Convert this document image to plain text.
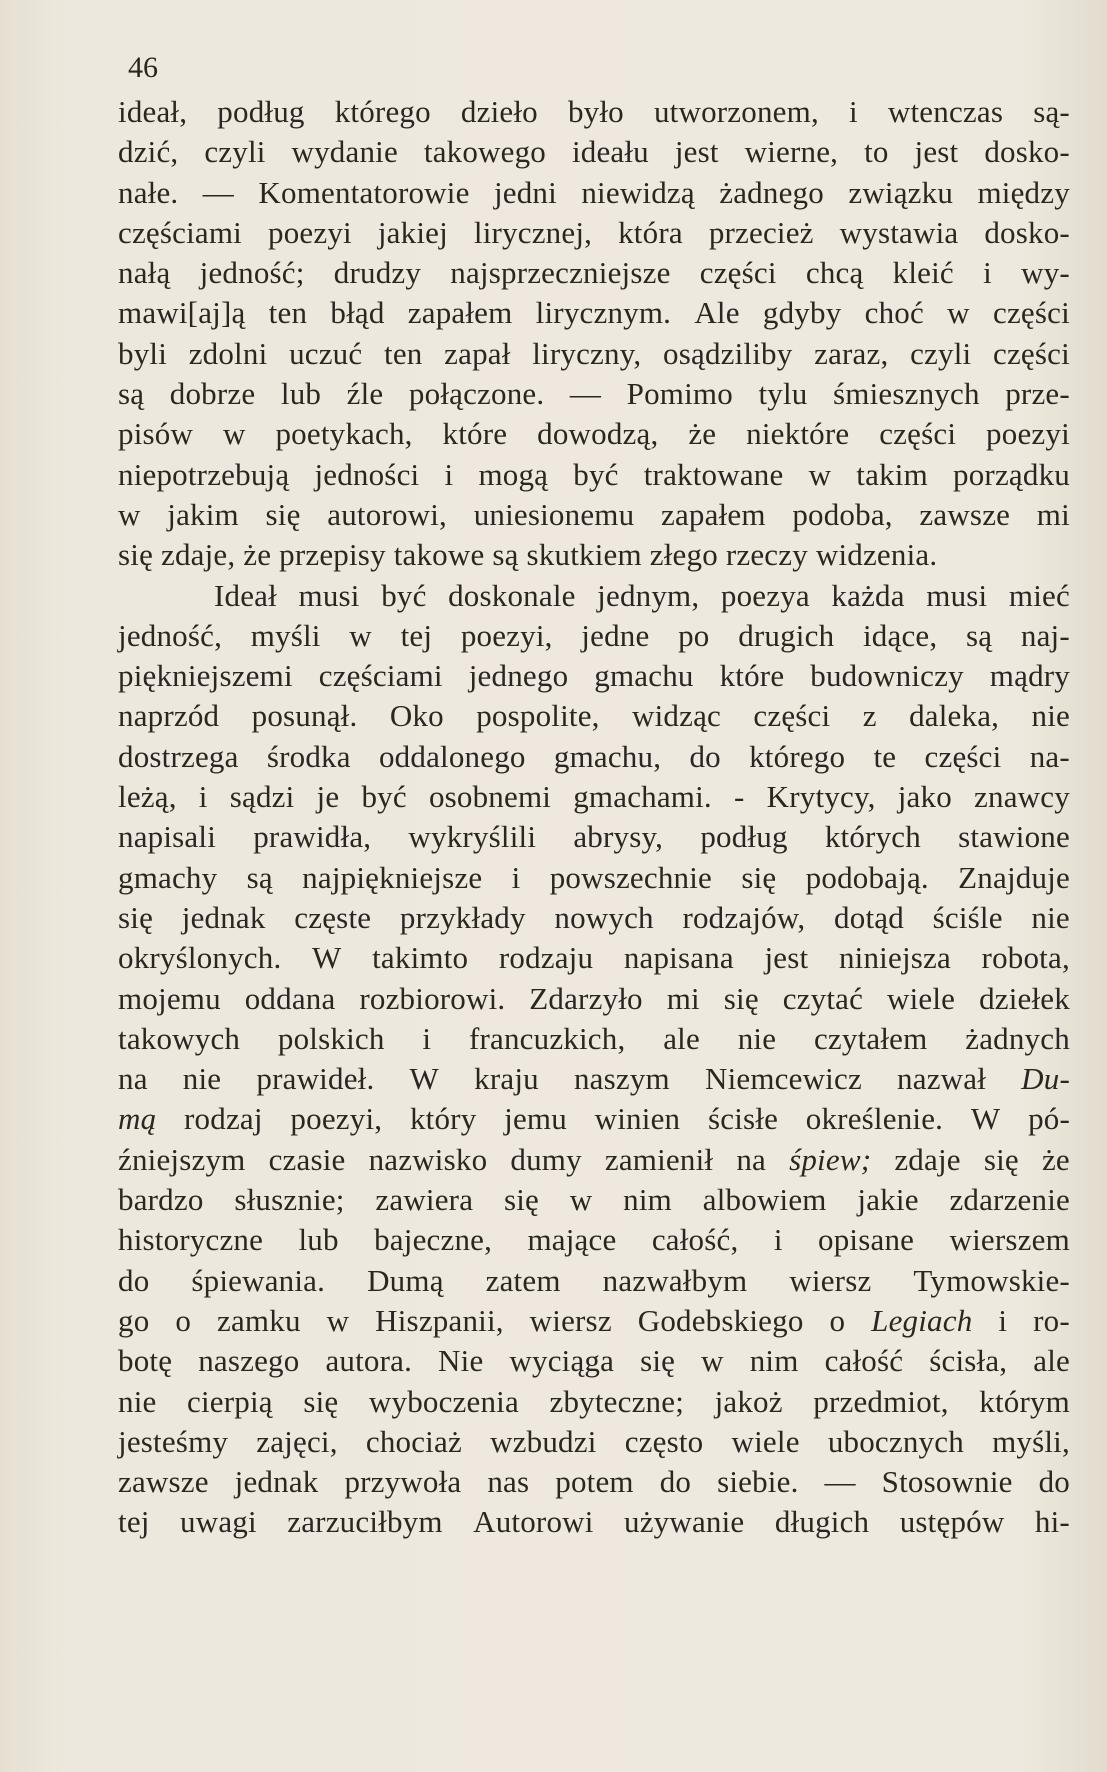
46
ideał, podług którego dzieło było utworzonem, i wtenczas są-
dzić, czyli wydanie takowego ideału jest wierne, to jest dosko-
nałe. — Komentatorowie jedni niewidzą żadnego związku między
częściami poezyi jakiej lirycznej, która przecież wystawia dosko-
nałą jedność; drudzy najsprzeczniejsze części chcą kleić i wy-
mawi[aj]ą ten błąd zapałem lirycznym. Ale gdyby choć w części
byli zdolni uczuć ten zapał liryczny, osądziliby zaraz, czyli części
są dobrze lub źle połączone. — Pomimo tylu śmiesznych prze-
pisów w poetykach, które dowodzą, że niektóre części poezyi
niepotrzebują jedności i mogą być traktowane w takim porządku
w jakim się autorowi, uniesionemu zapałem podoba, zawsze mi
się zdaje, że przepisy takowe są skutkiem złego rzeczy widzenia.
Ideał musi być doskonale jednym, poezya każda musi mieć
jedność, myśli w tej poezyi, jedne po drugich idące, są naj-
piękniejszemi częściami jednego gmachu które budowniczy mądry
naprzód posunął. Oko pospolite, widząc części z daleka, nie
dostrzega środka oddalonego gmachu, do którego te części na-
leżą, i sądzi je być osobnemi gmachami. - Krytycy, jako znawcy
napisali prawidła, wykryślili abrysy, podług których stawione
gmachy są najpiękniejsze i powszechnie się podobają. Znajduje
się jednak częste przykłady nowych rodzajów, dotąd ściśle nie
okryślonych. W takimto rodzaju napisana jest niniejsza robota,
mojemu oddana rozbiorowi. Zdarzyło mi się czytać wiele dziełek
takowych polskich i francuzkich, ale nie czytałem żadnych
na nie prawideł. W kraju naszym Niemcewicz nazwał Du-
mą rodzaj poezyi, który jemu winien ścisłe określenie. W pó-
źniejszym czasie nazwisko dumy zamienił na śpiew; zdaje się że
bardzo słusznie; zawiera się w nim albowiem jakie zdarzenie
historyczne lub bajeczne, mające całość, i opisane wierszem
do śpiewania. Dumą zatem nazwałbym wiersz Tymowskie-
go o zamku w Hiszpanii, wiersz Godebskiego o Legiach i ro-
botę naszego autora. Nie wyciąga się w nim całość ścisła, ale
nie cierpią się wyboczenia zbyteczne; jakoż przedmiot, którym
jesteśmy zajęci, chociaż wzbudzi często wiele ubocznych myśli,
zawsze jednak przywoła nas potem do siebie. — Stosownie do
tej uwagi zarzuciłbym Autorowi używanie długich ustępów hi-
